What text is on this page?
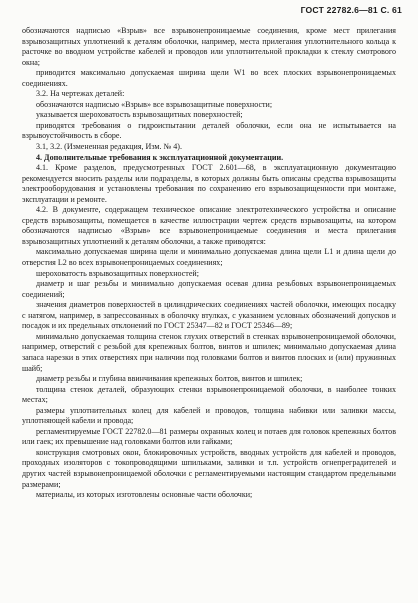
ГОСТ 22782.6—81 С. 61

обозначаются надписью «Взрыв» все взрывонепроницаемые соединения, кроме мест прилегания взрывозащитных уплотнений к деталям оболочки, например, места прилегания уплотнительного кольца к расточке во вводном устройстве кабелей и проводов или уплотнительной прокладки к стеклу смотрового окна;

приводится максимально допускаемая ширина щели W1 во всех плоских взрывонепроницаемых соединениях.

3.2. На чертежах деталей:

обозначаются надписью «Взрыв» все взрывозащитные поверхности;

указывается шероховатость взрывозащитных поверхностей;

приводятся требования о гидроиспытании деталей оболочки, если она не испытывается на взрывоустойчивость в сборе.

3.1, 3.2. (Измененная редакция, Изм. № 4).

4. Дополнительные требования к эксплуатационной документации.

4.1. Кроме разделов, предусмотренных ГОСТ 2.601—68, в эксплуатационную документацию рекомендуется вносить разделы или подразделы, в которых должны быть описаны средства взрывозащиты электрооборудования и установлены требования по сохранению его взрывозащищенности при монтаже, эксплуатации и ремонте.

4.2. В документе, содержащем техническое описание электротехнического устройства и описание средств взрывозащиты, помещается в качестве иллюстрации чертеж средств взрывозащиты, на котором обозначаются надписью «Взрыв» все взрывонепроницаемые соединения и места прилегания взрывозащитных уплотнений к деталям оболочки, а также приводятся:

максимально допускаемая ширина щели и минимально допускаемая длина щели L1 и длина щели до отверстия L2 во всех взрывонепроницаемых соединениях;

шероховатость взрывозащитных поверхностей;

диаметр и шаг резьбы и минимально допускаемая осевая длина резьбовых взрывонепроницаемых соединений;

значения диаметров поверхностей в цилиндрических соединениях частей оболочки, имеющих посадку с натягом, например, в запрессованных в оболочку втулках, с указанием условных обозначений допусков и посадок и их предельных отклонений по ГОСТ 25347—82 и ГОСТ 25346—89;

минимально допускаемая толщина стенок глухих отверстий в стенках взрывонепроницаемой оболочки, например, отверстий с резьбой для крепежных болтов, винтов и шпилек; минимально допускаемая длина запаса нарезки в этих отверстиях при наличии под головками болтов и винтов плоских и (или) пружинных шайб;

диаметр резьбы и глубина ввинчивания крепежных болтов, винтов и шпилек;

толщина стенок деталей, образующих стенки взрывонепроницаемой оболочки, в наиболее тонких местах;

размеры уплотнительных колец для кабелей и проводов, толщина набивки или заливки массы, уплотняющей кабели и провода;

регламентируемые ГОСТ 22782.0—81 размеры охранных колец и потаев для головок крепежных болтов или гаек; их превышение над головками болтов или гайками;

конструкция смотровых окон, блокировочных устройств, вводных устройств для кабелей и проводов, проходных изоляторов с токопроводящими шпильками, заливки и т.п. устройств огнепреградителей и других частей взрывонепроницаемой оболочки с регламентируемыми настоящим стандартом предельными размерами;

материалы, из которых изготовлены основные части оболочки;
